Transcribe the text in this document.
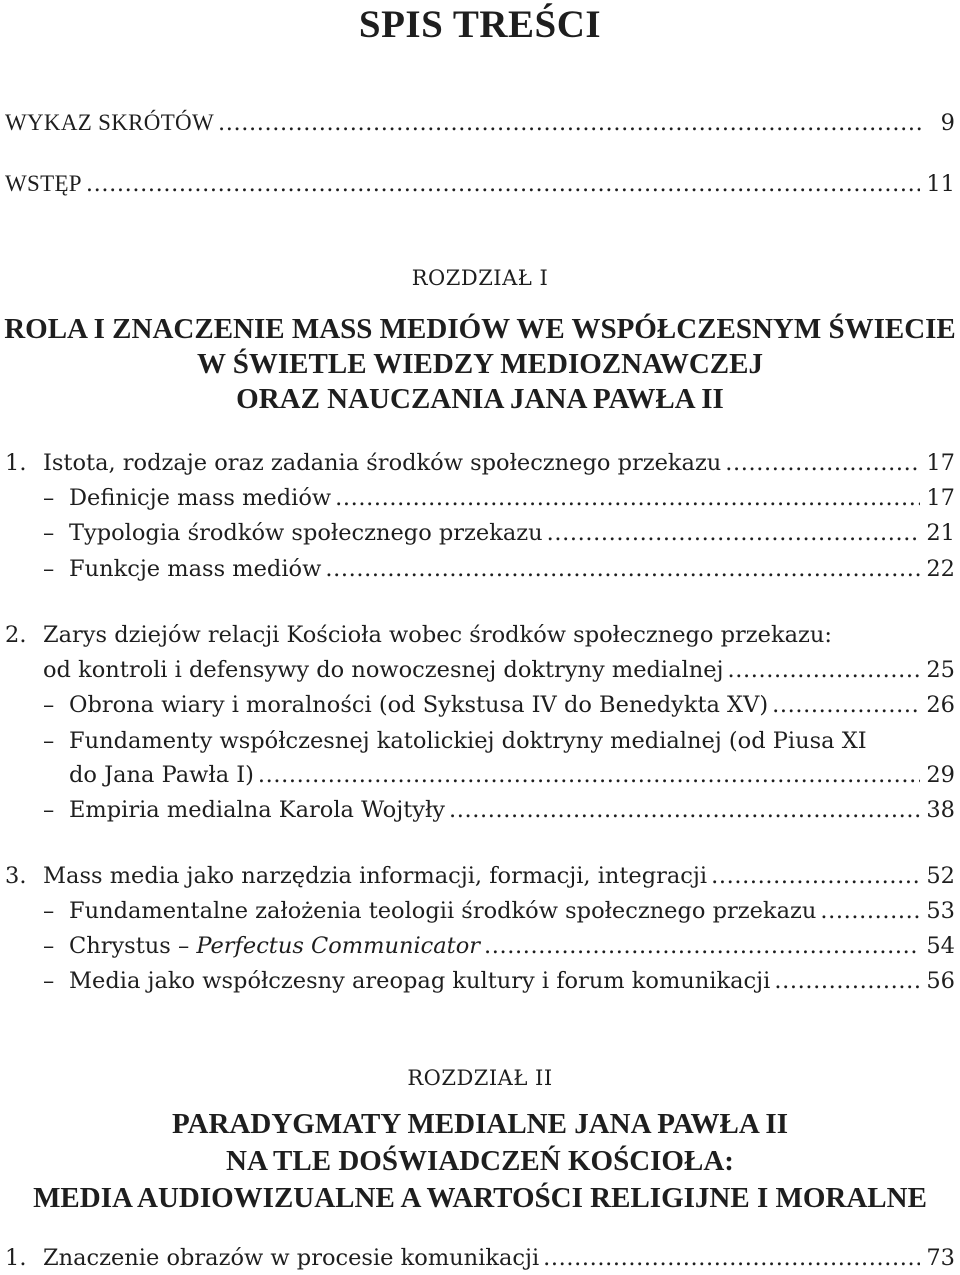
SPIS TREŚCI
WYKAZ SKRÓTÓW .....	9
WSTĘP .....	11
ROZDZIAŁ I
ROLA I ZNACZENIE MASS MEDIÓW WE WSPÓŁCZESNYM ŚWIECIE
W ŚWIETLE WIEDZY MEDIOZNAWCZEJ
ORAZ NAUCZANIA JANA PAWŁA II
1. Istota, rodzaje oraz zadania środków społecznego przekazu .....	17
– Definicje mass mediów .....	17
– Typologia środków społecznego przekazu .....	21
– Funkcje mass mediów .....	22
2. Zarys dziejów relacji Kościoła wobec środków społecznego przekazu:
od kontroli i defensywy do nowoczesnej doktryny medialnej .....	25
– Obrona wiary i moralności (od Sykstusa IV do Benedykta XV) .....	26
– Fundamenty współczesnej katolickiej doktryny medialnej (od Piusa XI
do Jana Pawła I) .....	29
– Empiria medialna Karola Wojtyły .....	38
3. Mass media jako narzędzia informacji, formacji, integracji .....	52
– Fundamentalne założenia teologii środków społecznego przekazu .....	53
– Chrystus – Perfectus Communicator .....	54
– Media jako współczesny areopag kultury i forum komunikacji .....	56
ROZDZIAŁ II
PARADYGMATY MEDIALNE JANA PAWŁA II
NA TLE DOŚWIADCZEŃ KOŚCIOŁA:
MEDIA AUDIOWIZUALNE A WARTOŚCI RELIGIJNE I MORALNE
1. Znaczenie obrazów w procesie komunikacji .....	73
